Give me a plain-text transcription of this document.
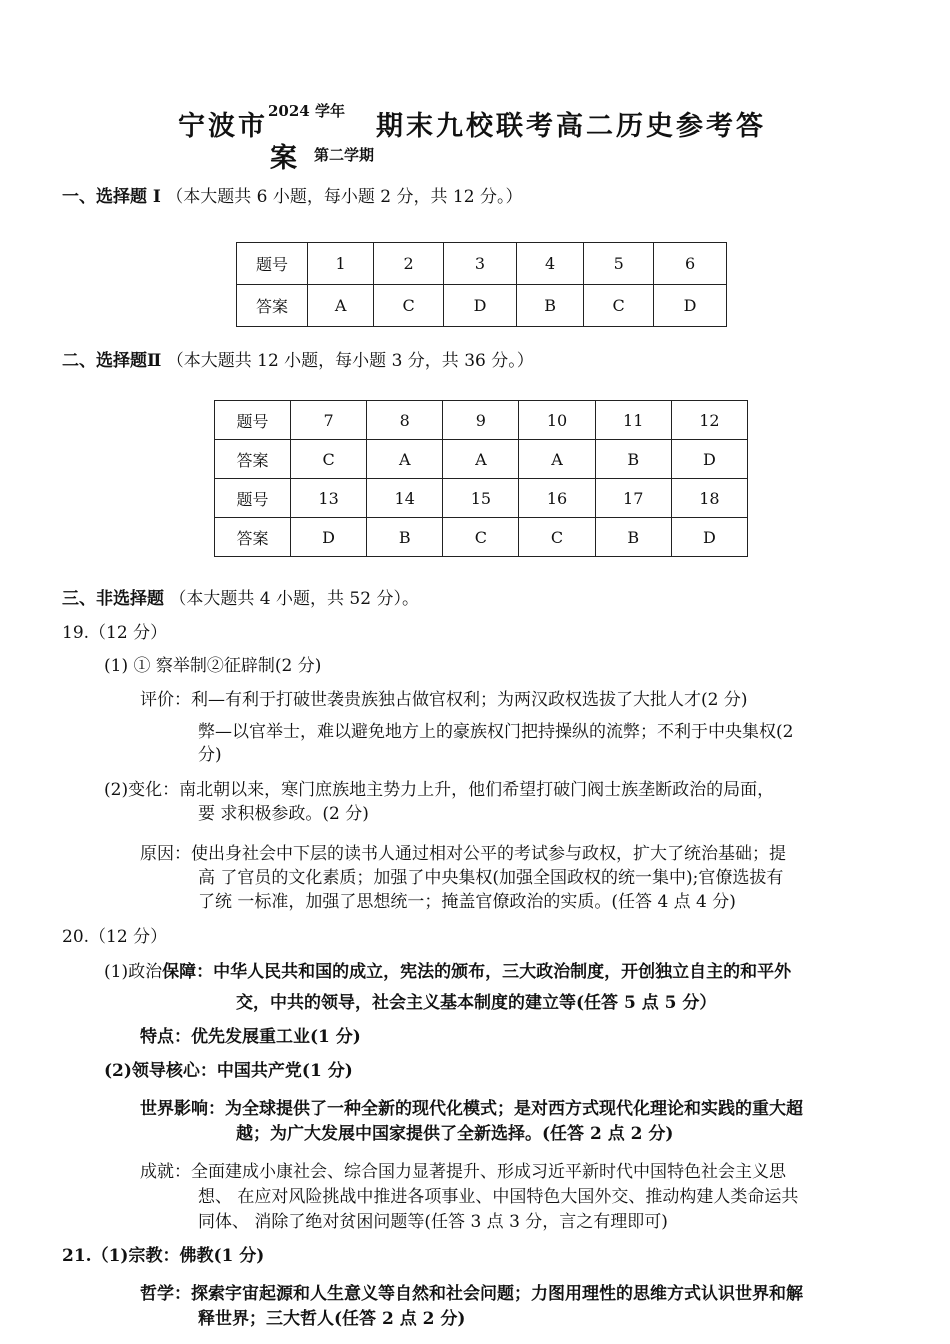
宁波市 2024 学年 期末九校联考高二历史参考答
案 第二学期
一、选择题 I （本大题共 6 小题，每小题 2 分，共 12 分。）
题号	1	2	3	4	5	6
答案	A	C	D	B	C	D
二、选择题Ⅱ （本大题共 12 小题，每小题 3 分，共 36 分。）
题号	7	8	9	10	11	12
答案	C	A	A	A	B	D
题号	13	14	15	16	17	18
答案	D	B	C	C	B	D
三、非选择题 （本大题共 4 小题，共 52 分）。
19.（12 分）
(1) ① 察举制②征辟制(2 分)
评价：利—有利于打破世袭贵族独占做官权利；为两汉政权选拔了大批人才(2 分)
弊—以官举士，难以避免地方上的豪族权门把持操纵的流弊；不利于中央集权(2
分)
(2)变化：南北朝以来，寒门庶族地主势力上升，他们希望打破门阀士族垄断政治的局面，
要 求积极参政。(2 分)
原因：使出身社会中下层的读书人通过相对公平的考试参与政权，扩大了统治基础；提
高 了官员的文化素质；加强了中央集权(加强全国政权的统一集中);官僚选拔有
了统 一标准，加强了思想统一；掩盖官僚政治的实质。(任答 4 点 4 分)
20.（12 分）
(1)政治保障：中华人民共和国的成立，宪法的颁布，三大政治制度，开创独立自主的和平外
交，中共的领导，社会主义基本制度的建立等(任答 5 点 5 分）
特点：优先发展重工业(1 分)
(2)领导核心：中国共产党(1 分)
世界影响：为全球提供了一种全新的现代化模式；是对西方式现代化理论和实践的重大超
越；为广大发展中国家提供了全新选择。(任答 2 点 2 分)
成就：全面建成小康社会、综合国力显著提升、形成习近平新时代中国特色社会主义思
想、 在应对风险挑战中推进各项事业、中国特色大国外交、推动构建人类命运共
同体、 消除了绝对贫困问题等(任答 3 点 3 分，言之有理即可)
21.（1)宗教：佛教(1 分)
哲学：探索宇宙起源和人生意义等自然和社会问题；力图用理性的思维方式认识世界和解
释世界；三大哲人(任答 2 点 2 分)
